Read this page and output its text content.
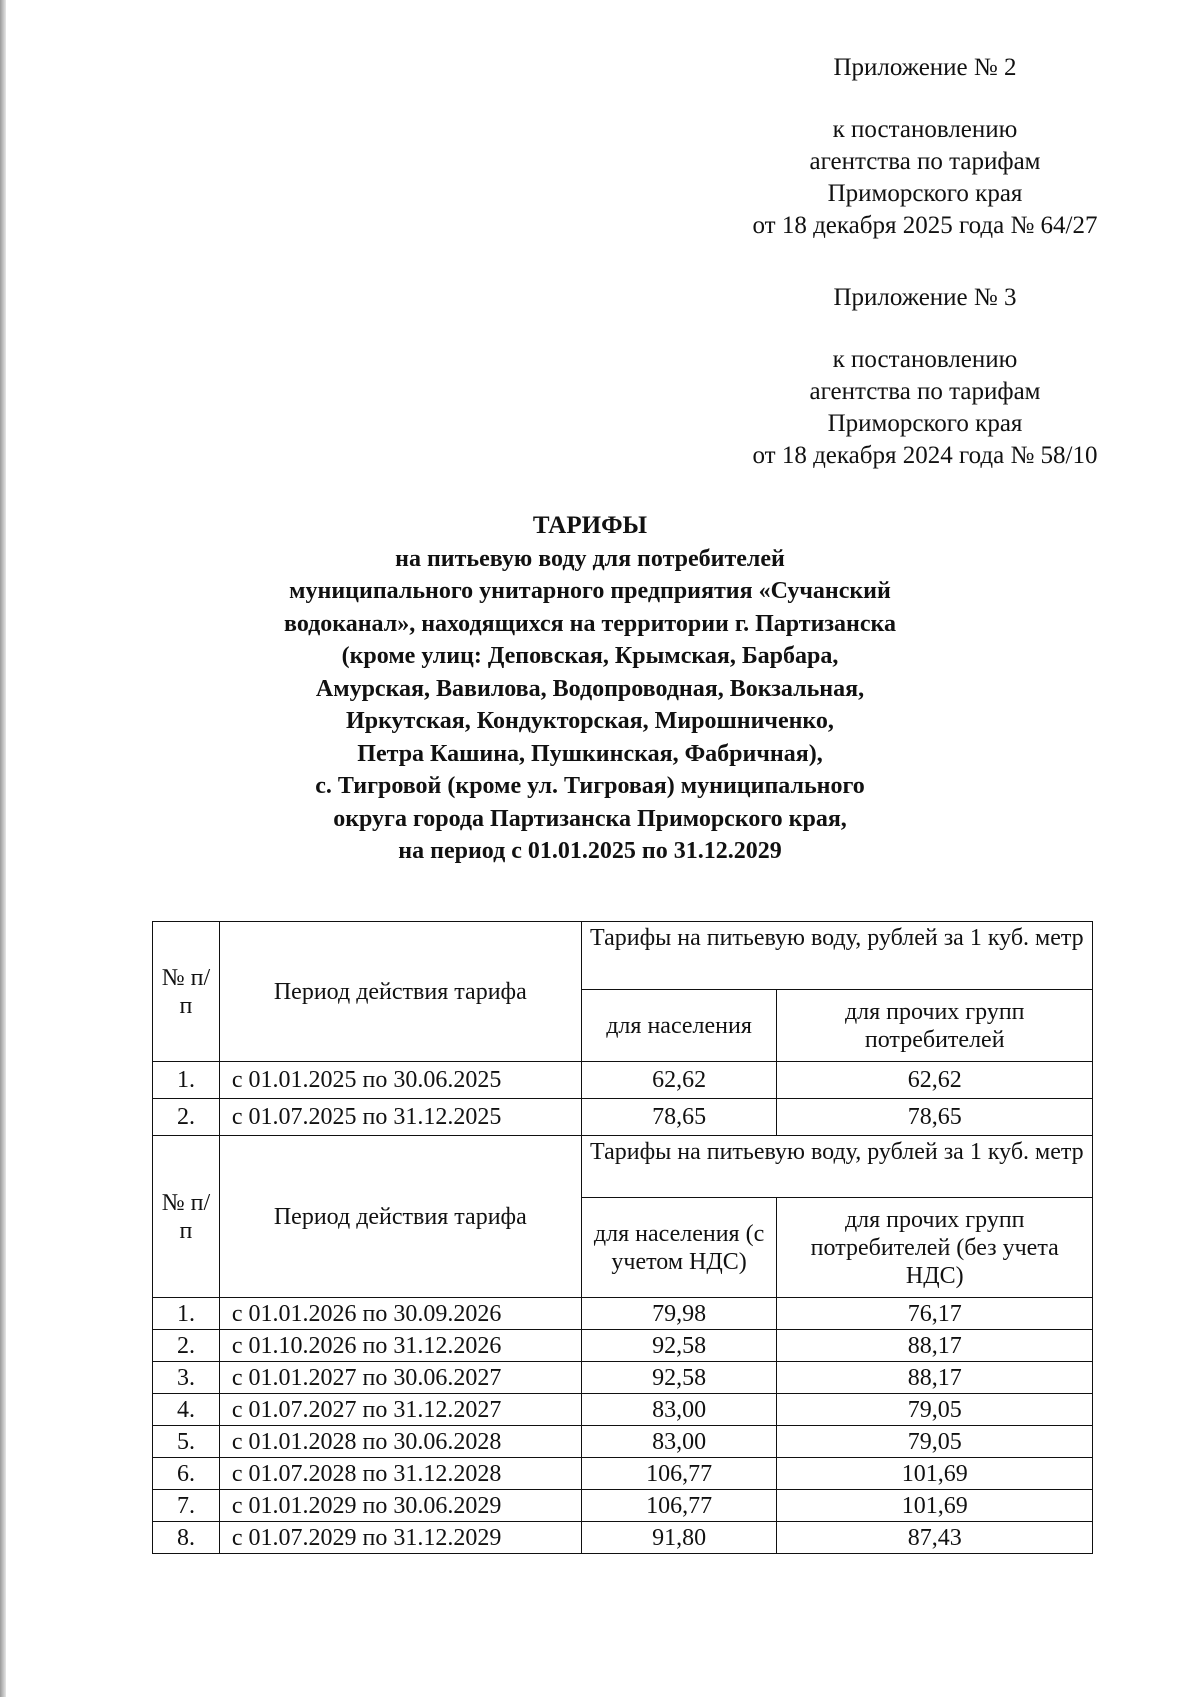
Приложение № 2
к постановлению
агентства по тарифам
Приморского края
от 18 декабря 2025 года № 64/27
Приложение № 3
к постановлению
агентства по тарифам
Приморского края
от 18 декабря 2024 года № 58/10
ТАРИФЫ
на питьевую воду для потребителей
муниципального унитарного предприятия «Сучанский
водоканал», находящихся на территории г. Партизанска
(кроме улиц: Деповская, Крымская, Барбара,
Амурская, Вавилова, Водопроводная, Вокзальная,
Иркутская, Кондукторская, Мирошниченко,
Петра Кашина, Пушкинская, Фабричная),
с. Тигровой (кроме ул. Тигровая) муниципального
округа города Партизанска Приморского края,
на период с 01.01.2025 по 31.12.2029
№ п/п	Период действия тарифа	Тарифы на питьевую воду, рублей за 1 куб. метр	
		для населения	для прочих групп потребителей
1.	с 01.01.2025 по 30.06.2025	62,62	62,62
2.	с 01.07.2025 по 31.12.2025	78,65	78,65
№ п/п	Период действия тарифа	Тарифы на питьевую воду, рублей за 1 куб. метр	
		для населения (с учетом НДС)	для прочих групп потребителей (без учета НДС)
1.	с 01.01.2026 по 30.09.2026	79,98	76,17
2.	с 01.10.2026 по 31.12.2026	92,58	88,17
3.	с 01.01.2027 по 30.06.2027	92,58	88,17
4.	с 01.07.2027 по 31.12.2027	83,00	79,05
5.	с 01.01.2028 по 30.06.2028	83,00	79,05
6.	с 01.07.2028 по 31.12.2028	106,77	101,69
7.	с 01.01.2029 по 30.06.2029	106,77	101,69
8.	с 01.07.2029 по 31.12.2029	91,80	87,43
